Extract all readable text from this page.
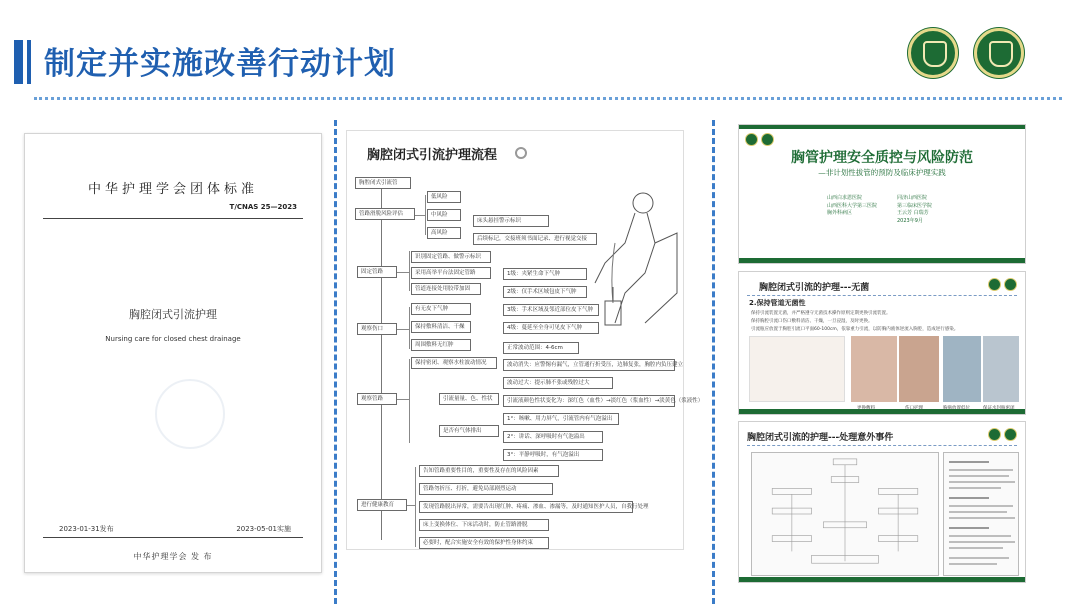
制定并实施改善行动计划
中华护理学会团体标准
T/CNAS 25—2023
胸腔闭式引流护理
Nursing care for closed chest drainage
2023-01-31发布	2023-05-01实施
中华护理学会 发 布
胸腔闭式引流护理流程
胸腔闭式引流管
管路滑脱风险评估
固定管路
观察伤口
观察管路
进行健康教育
低风险
中风险
高风险
床头悬挂警示标识
后续标记，交接班须书面记录、进行视觉交接
识别固定管路、做警示标识
采用高举平台法固定管路
管道连接处用胶带加固
1级：夹紧生命下气肿
2级：仅手术区域包皮下气肿
3级：手术区域及邻近部位皮下气肿
4级：蔓延至全身可见皮下气肿
有无皮下气肿
保持敷料清洁、干燥
周围敷料无红肿	正常波动范围：4-6cm
保持密闭、观察水柱波动情况	波动消失：应警惕有漏气，立管通行折受压，边肺复张，胸腔内负压建立
波动过大：提示肺不张或残腔过大
引流量量、色、性状	引流液颜色性状变化为：深红色（血性）→淡红色（浆血性）→淡黄色（浆液性）
是否有气体排出
1°：咳嗽、用力屏气，引流管内有气泡溢出
2°：讲话、深呼吸时有气泡溢出
3°：平静呼吸时，有气泡溢出
告知管路重要性目的，重要性及存在的风险因素
管路勿折压、打折，避免局部剧烈运动
发现管路脱出异常，需要告出现红肿、疼痛、渗血、渗漏等，及时通知医护人员，自我行处理
床上变换体位、下床活动时，防止管路滑脱
必要时，配合实施安全有效的保护性身体约束
胸管护理安全质控与风险防范
—非计划性拔管的预防及临床护理实践
山西白求恩医院
山西医科大学第三医院
胸外科病区
同济山西医院
第三临床医学院
王云芳 白瑞芳
2023年9月
胸腔闭式引流的护理---无菌
2.保持管道无菌性
保持引流装置无菌，并严格遵守无菌技术操作原则定期更换引流装置。
保持胸腔引流口伤口敷料清洁、干燥，一旦浸湿，及时更换。
引流瓶应放置于胸腔引流口平面60-100cm，依靠重力引流，以防胸内液体逆流入胸腔，造成逆行感染。
胸腔闭式引流的护理---处理意外事件
